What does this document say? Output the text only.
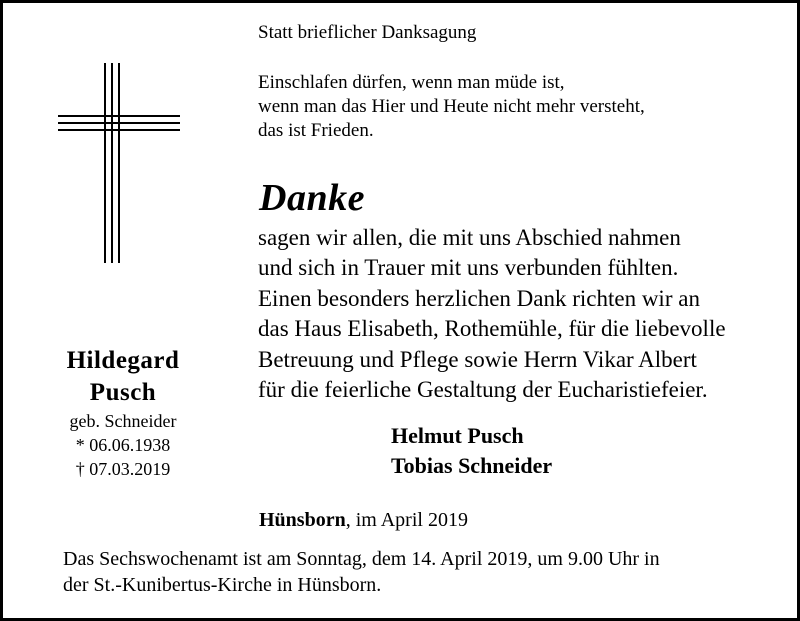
Hildegard
Pusch
geb. Schneider
* 06.06.1938
† 07.03.2019
Statt brieflicher Danksagung
Einschlafen dürfen, wenn man müde ist,
wenn man das Hier und Heute nicht mehr versteht,
das ist Frieden.
Danke
sagen wir allen, die mit uns Abschied nahmen
und sich in Trauer mit uns verbunden fühlten.
Einen besonders herzlichen Dank richten wir an
das Haus Elisabeth, Rothemühle, für die liebevolle
Betreuung und Pflege sowie Herrn Vikar Albert
für die feierliche Gestaltung der Eucharistiefeier.
Helmut Pusch
Tobias Schneider
Hünsborn, im April 2019
Das Sechswochenamt ist am Sonntag, dem 14. April 2019, um 9.00 Uhr in
der St.-Kunibertus-Kirche in Hünsborn.
